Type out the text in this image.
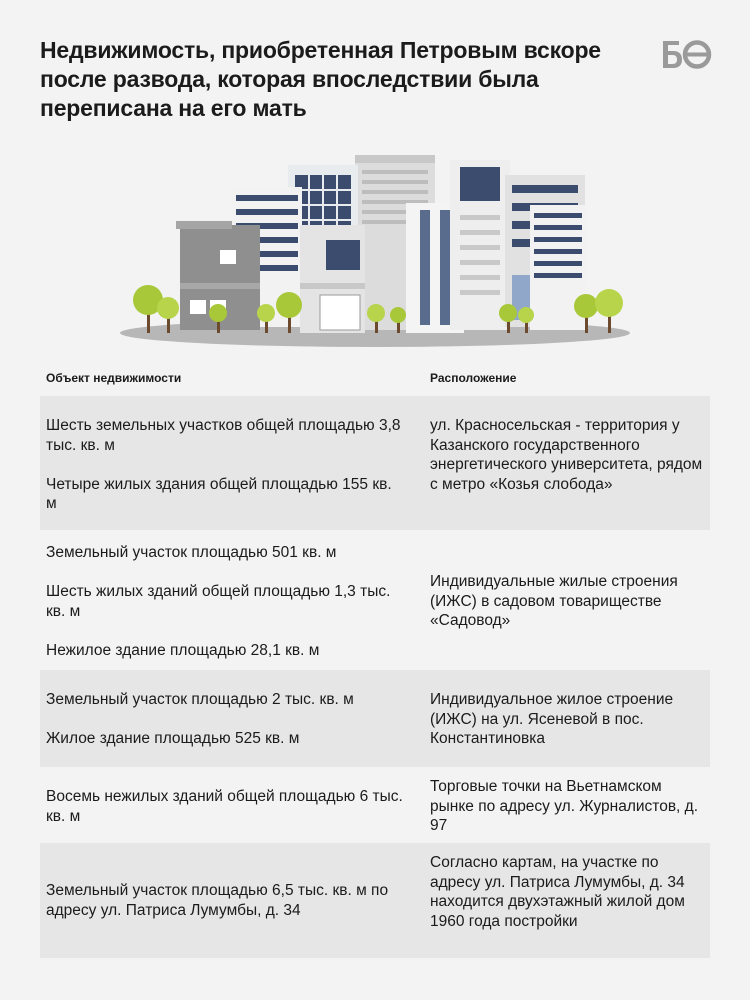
Недвижимость, приобретенная Петровым вскоре после развода, которая впоследствии была переписана на его мать
Объект недвижимости	Расположение

Шесть земельных участков общей площадью 3,8 тыс. кв. м

Четыре жилых здания общей площадью 155 кв. м

ул. Красносельская - территория у Казанского государственного энергетического университета, рядом с метро «Козья слобода»

Земельный участок площадью 501 кв. м

Шесть жилых зданий общей площадью 1,3 тыс. кв. м

Нежилое здание площадью 28,1 кв. м

Индивидуальные жилые строения (ИЖС) в садовом товариществе «Садовод»

Земельный участок площадью 2 тыс. кв. м

Жилое здание площадью 525 кв. м

Индивидуальное жилое строение (ИЖС) на ул. Ясеневой в пос. Константиновка

Восемь нежилых зданий общей площадью 6 тыс. кв. м

Торговые точки на Вьетнамском рынке по адресу ул. Журналистов, д. 97

Земельный участок площадью 6,5 тыс. кв. м по адресу ул. Патриса Лумумбы, д. 34

Согласно картам, на участке по адресу ул. Патриса Лумумбы, д. 34 находится двухэтажный жилой дом 1960 года постройки
